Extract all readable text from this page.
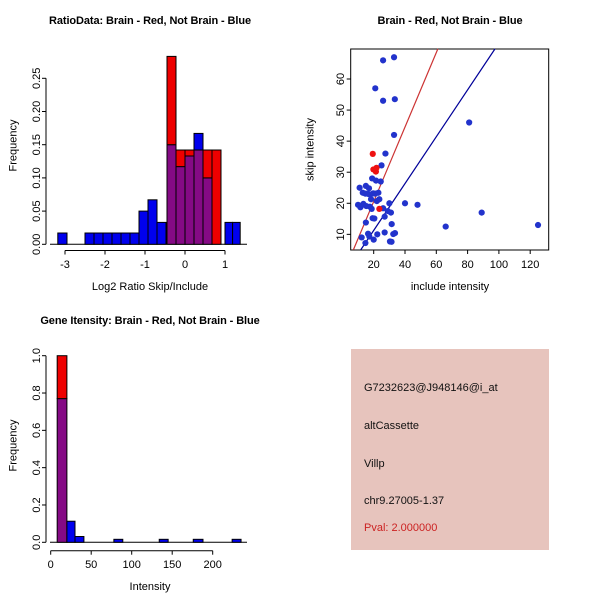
RatioData: Brain - Red, Not Brain - Blue
-3	-2	-1	0	1
0.00
0.05
0.10
0.15
0.20
0.25
Log2 Ratio Skip/Include
Frequency
Brain - Red, Not Brain - Blue
20 40 60 80 100 120
10
20
30
40
50
60
include intensity
skip intensity
Gene Itensity: Brain - Red, Not Brain - Blue
0	50 100 150 200
0.0
0.2
0.4
0.6
0.8
1.0
Intensity
Frequency
G7232623@J948146@i_at
altCassette
Villp
chr9.27005-1.37
Pval: 2.000000
